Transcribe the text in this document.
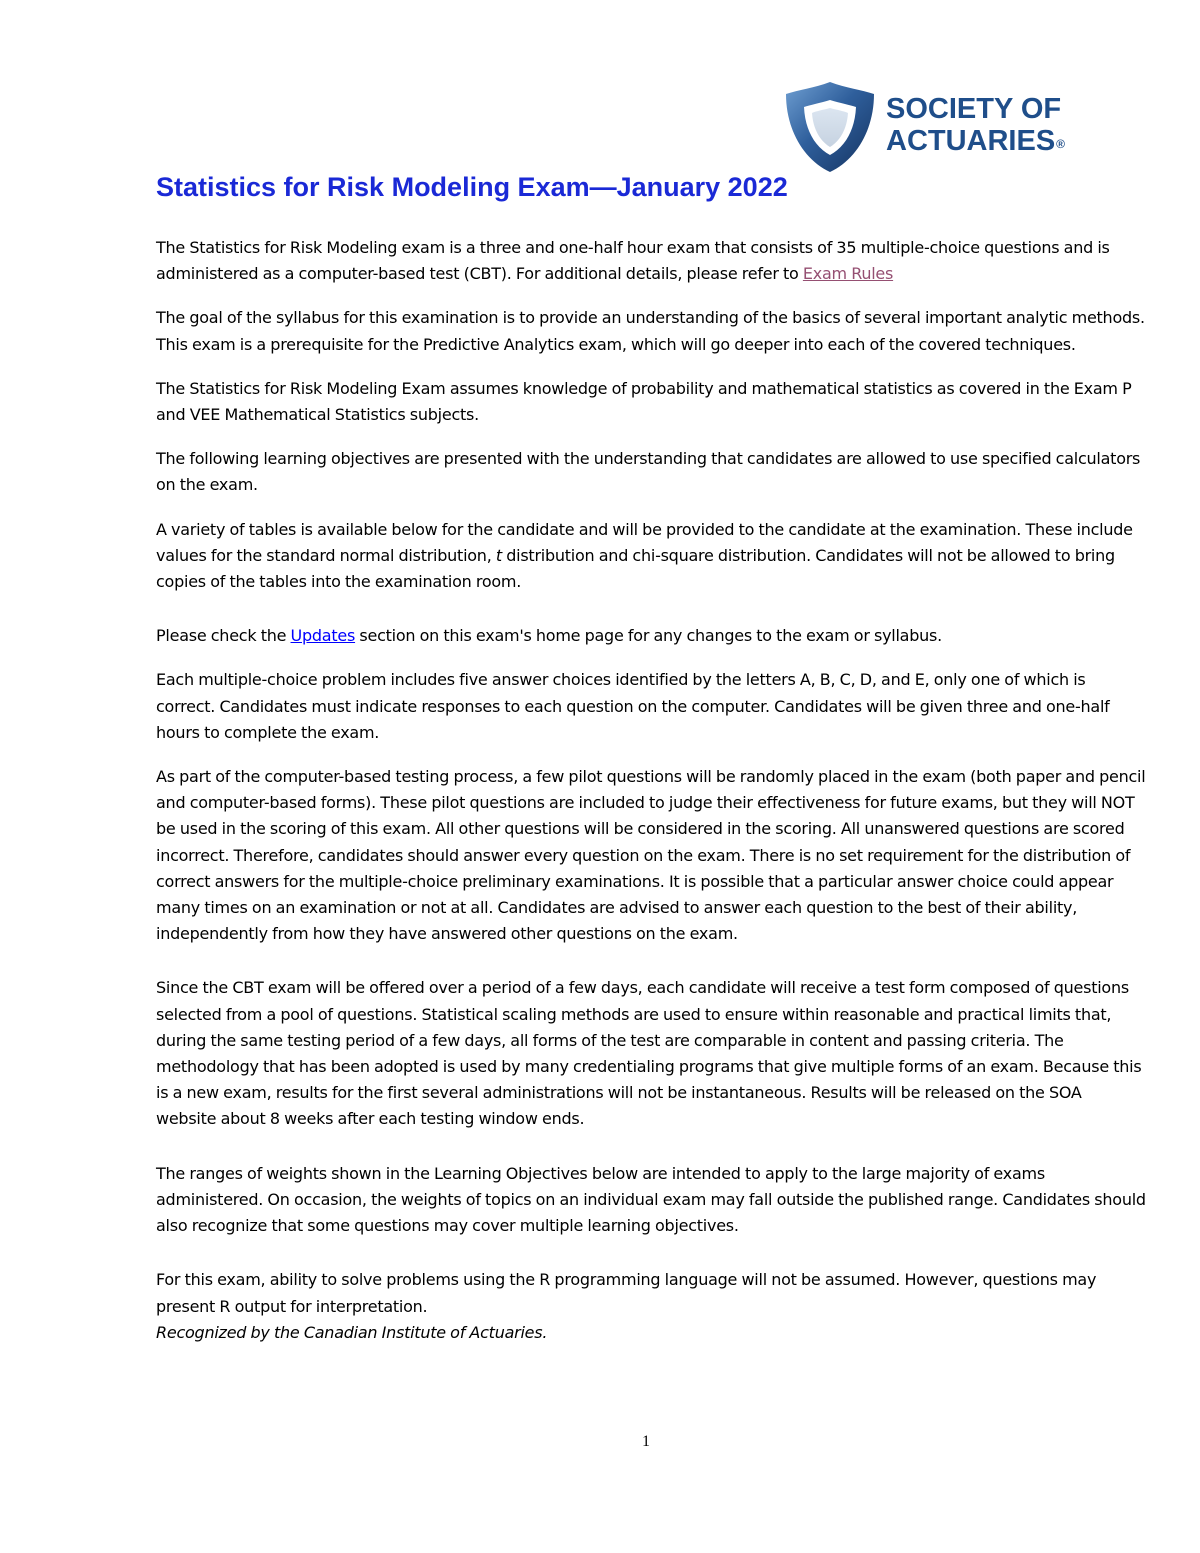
SOCIETY OF
ACTUARIES®
Statistics for Risk Modeling Exam—January 2022

The Statistics for Risk Modeling exam is a three and one-half hour exam that consists of 35 multiple-choice questions and is administered as a computer-based test (CBT). For additional details, please refer to Exam Rules

The goal of the syllabus for this examination is to provide an understanding of the basics of several important analytic methods. This exam is a prerequisite for the Predictive Analytics exam, which will go deeper into each of the covered techniques.

The Statistics for Risk Modeling Exam assumes knowledge of probability and mathematical statistics as covered in the Exam P and VEE Mathematical Statistics subjects.

The following learning objectives are presented with the understanding that candidates are allowed to use specified calculators on the exam.

A variety of tables is available below for the candidate and will be provided to the candidate at the examination. These include values for the standard normal distribution, t distribution and chi-square distribution. Candidates will not be allowed to bring copies of the tables into the examination room.

Please check the Updates section on this exam's home page for any changes to the exam or syllabus.

Each multiple-choice problem includes five answer choices identified by the letters A, B, C, D, and E, only one of which is correct. Candidates must indicate responses to each question on the computer. Candidates will be given three and one-half hours to complete the exam.

As part of the computer-based testing process, a few pilot questions will be randomly placed in the exam (both paper and pencil and computer-based forms). These pilot questions are included to judge their effectiveness for future exams, but they will NOT be used in the scoring of this exam. All other questions will be considered in the scoring. All unanswered questions are scored incorrect. Therefore, candidates should answer every question on the exam. There is no set requirement for the distribution of correct answers for the multiple-choice preliminary examinations. It is possible that a particular answer choice could appear many times on an examination or not at all. Candidates are advised to answer each question to the best of their ability, independently from how they have answered other questions on the exam.

Since the CBT exam will be offered over a period of a few days, each candidate will receive a test form composed of questions selected from a pool of questions. Statistical scaling methods are used to ensure within reasonable and practical limits that, during the same testing period of a few days, all forms of the test are comparable in content and passing criteria. The methodology that has been adopted is used by many credentialing programs that give multiple forms of an exam. Because this is a new exam, results for the first several administrations will not be instantaneous. Results will be released on the SOA website about 8 weeks after each testing window ends.

The ranges of weights shown in the Learning Objectives below are intended to apply to the large majority of exams administered. On occasion, the weights of topics on an individual exam may fall outside the published range. Candidates should also recognize that some questions may cover multiple learning objectives.

For this exam, ability to solve problems using the R programming language will not be assumed. However, questions may present R output for interpretation.

Recognized by the Canadian Institute of Actuaries.

1
